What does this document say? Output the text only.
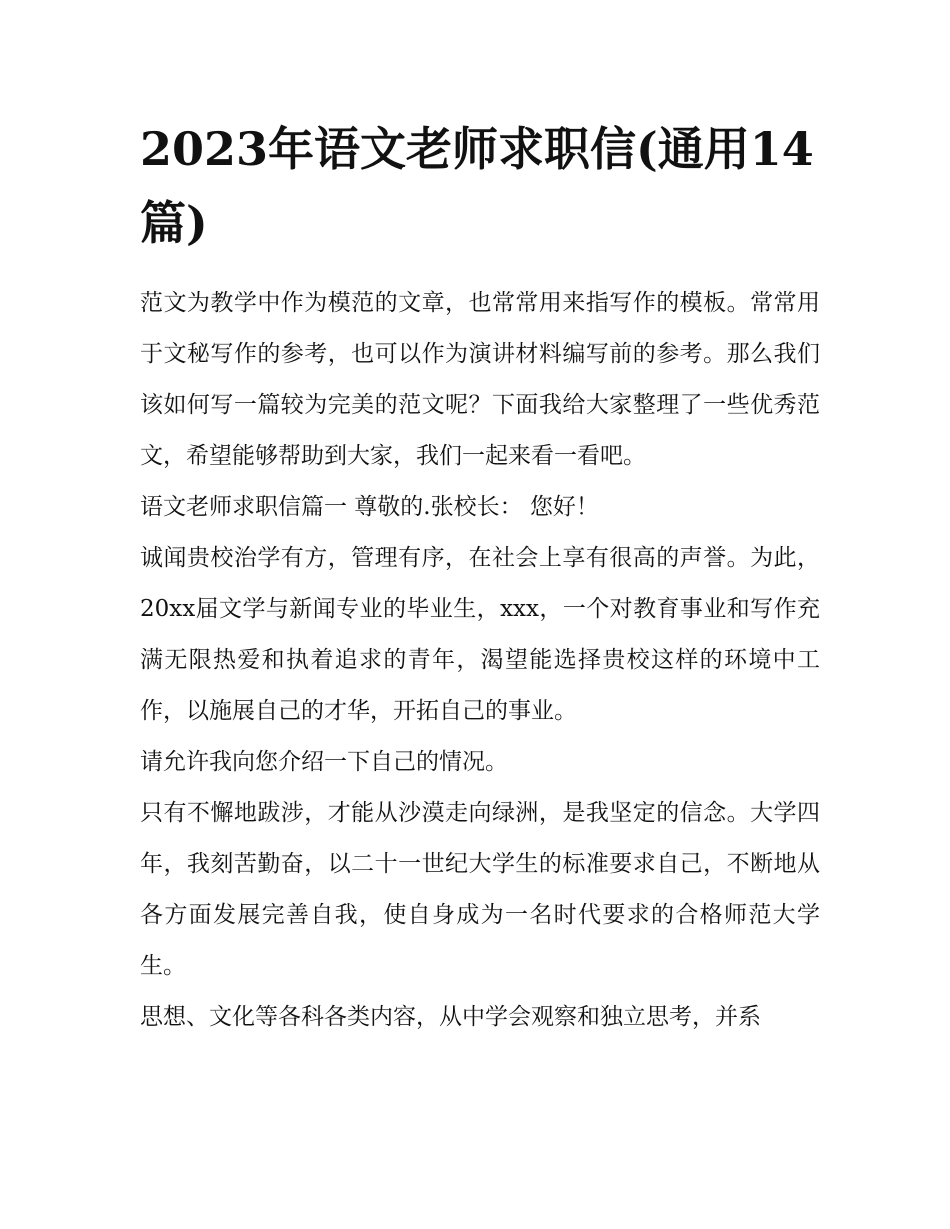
2023年语文老师求职信(通用14篇)

范文为教学中作为模范的文章，也常常用来指写作的模板。常常用于文秘写作的参考，也可以作为演讲材料编写前的参考。那么我们该如何写一篇较为完美的范文呢？下面我给大家整理了一些优秀范文，希望能够帮助到大家，我们一起来看一看吧。

语文老师求职信篇一 尊敬的.张校长： 您好！

诚闻贵校治学有方，管理有序，在社会上享有很高的声誉。为此，20xx届文学与新闻专业的毕业生，xxx，一个对教育事业和写作充满无限热爱和执着追求的青年，渴望能选择贵校这样的环境中工作，以施展自己的才华，开拓自己的事业。

请允许我向您介绍一下自己的情况。

只有不懈地跋涉，才能从沙漠走向绿洲，是我坚定的信念。大学四年，我刻苦勤奋，以二十一世纪大学生的标准要求自己，不断地从各方面发展完善自我，使自身成为一名时代要求的合格师范大学生。

思想、文化等各科各类内容，从中学会观察和独立思考，并系
